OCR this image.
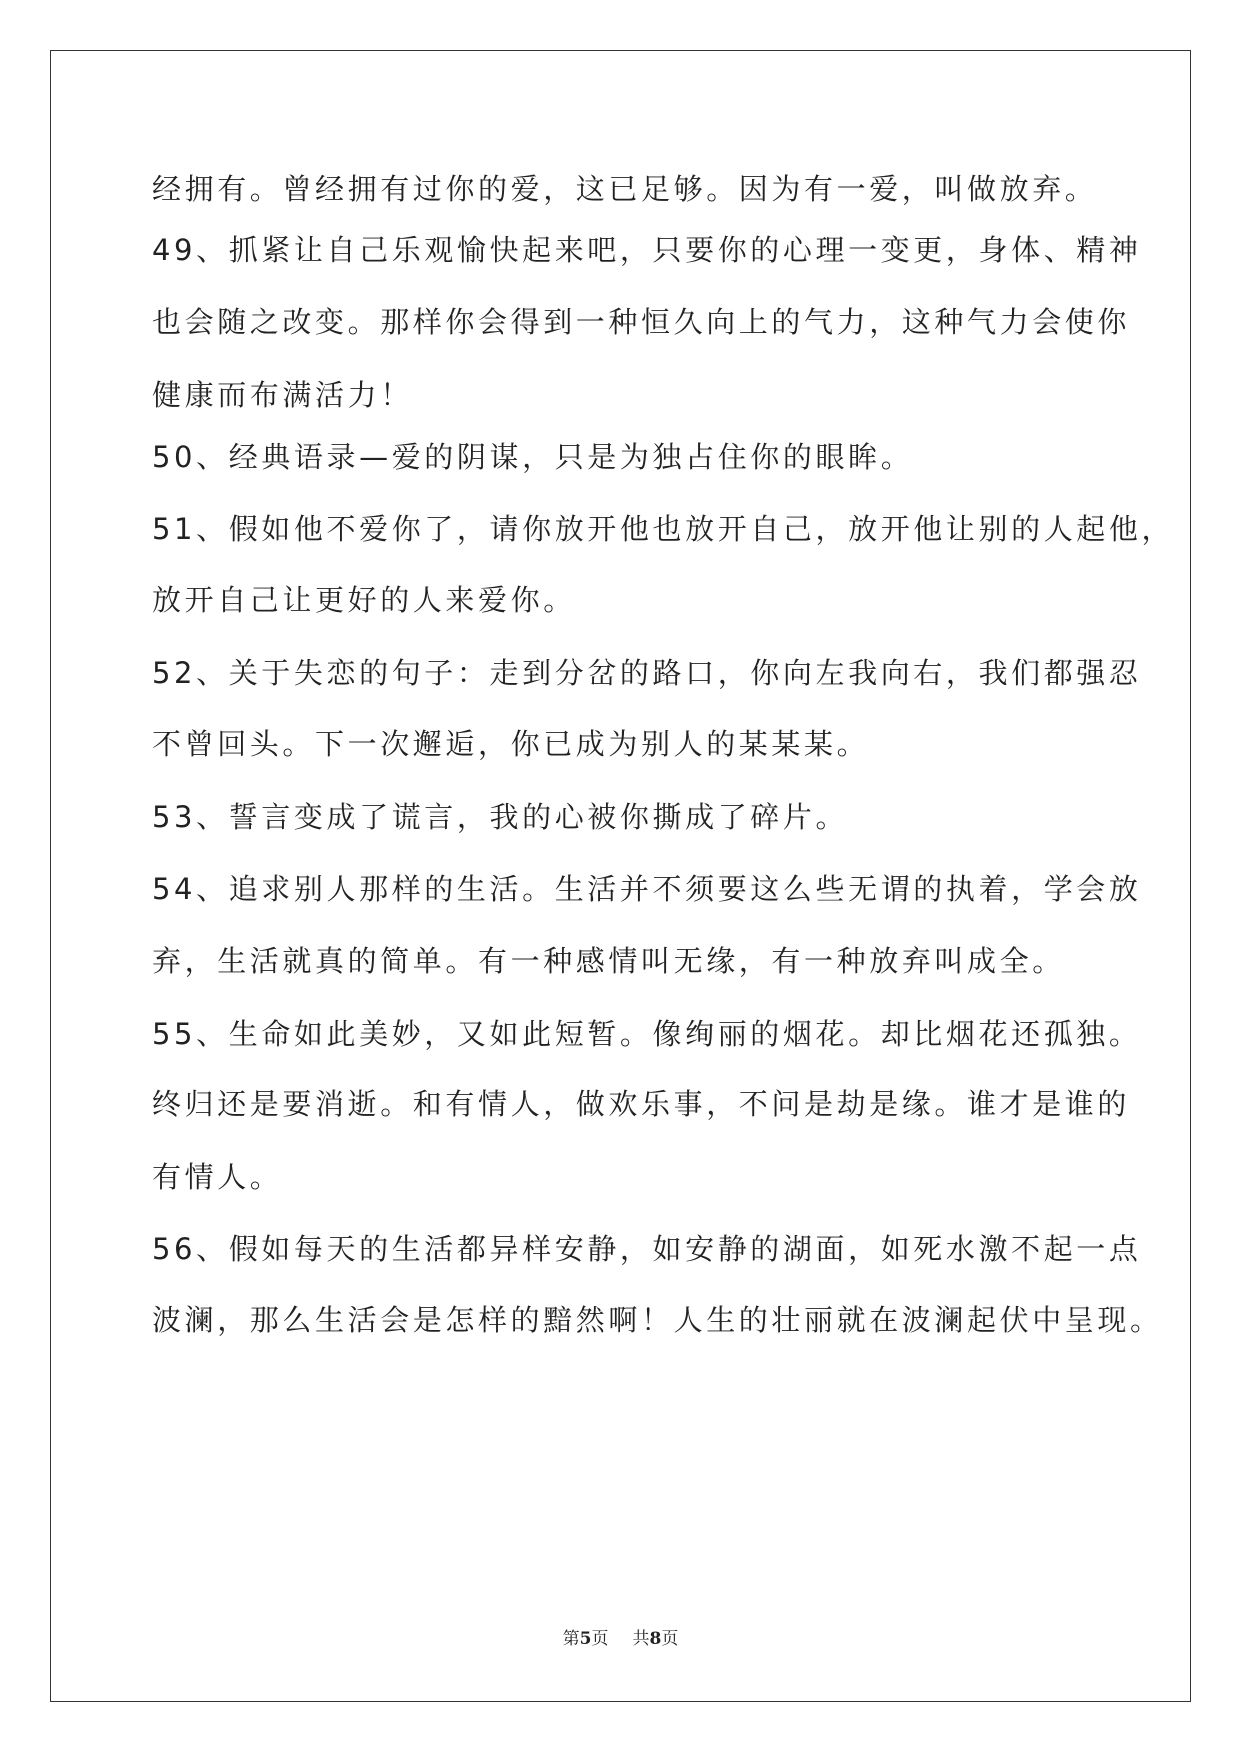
经拥有。曾经拥有过你的爱，这已足够。因为有一爱，叫做放弃。
49、抓紧让自己乐观愉快起来吧，只要你的心理一变更，身体、精神
也会随之改变。那样你会得到一种恒久向上的气力，这种气力会使你
健康而布满活力！
50、经典语录—爱的阴谋，只是为独占住你的眼眸。
51、假如他不爱你了，请你放开他也放开自己，放开他让别的人起他，
放开自己让更好的人来爱你。
52、关于失恋的句子：走到分岔的路口，你向左我向右，我们都强忍
不曾回头。下一次邂逅，你已成为别人的某某某。
53、誓言变成了谎言，我的心被你撕成了碎片。
54、追求别人那样的生活。生活并不须要这么些无谓的执着，学会放
弃，生活就真的简单。有一种感情叫无缘，有一种放弃叫成全。
55、生命如此美妙，又如此短暂。像绚丽的烟花。却比烟花还孤独。
终归还是要消逝。和有情人，做欢乐事，不问是劫是缘。谁才是谁的
有情人。
56、假如每天的生活都异样安静，如安静的湖面，如死水激不起一点
波澜，那么生活会是怎样的黯然啊！人生的壮丽就在波澜起伏中呈现。
第5页 共8页
